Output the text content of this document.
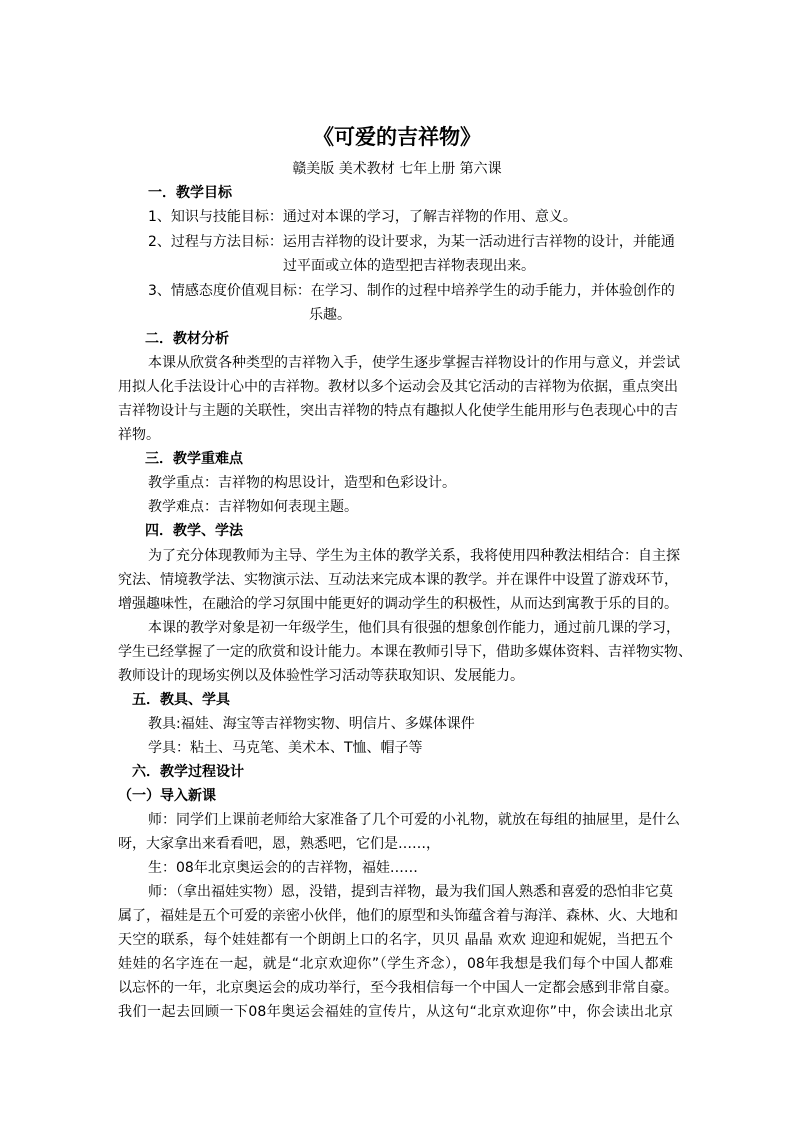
《可爱的吉祥物》
赣美版 美术教材 七年上册 第六课
一．教学目标
1、知识与技能目标：通过对本课的学习，了解吉祥物的作用、意义。
2、过程与方法目标：运用吉祥物的设计要求，为某一活动进行吉祥物的设计，并能通
过平面或立体的造型把吉祥物表现出来。
3、情感态度价值观目标：在学习、制作的过程中培养学生的动手能力，并体验创作的
乐趣。
二．教材分析
本课从欣赏各种类型的吉祥物入手，使学生逐步掌握吉祥物设计的作用与意义，并尝试
用拟人化手法设计心中的吉祥物。教材以多个运动会及其它活动的吉祥物为依据，重点突出
吉祥物设计与主题的关联性，突出吉祥物的特点有趣拟人化使学生能用形与色表现心中的吉
祥物。
三．教学重难点
教学重点：吉祥物的构思设计，造型和色彩设计。
教学难点：吉祥物如何表现主题。
四．教学、学法
为了充分体现教师为主导、学生为主体的教学关系，我将使用四种教法相结合：自主探
究法、情境教学法、实物演示法、互动法来完成本课的教学。并在课件中设置了游戏环节，
增强趣味性，在融洽的学习氛围中能更好的调动学生的积极性，从而达到寓教于乐的目的。
本课的教学对象是初一年级学生，他们具有很强的想象创作能力，通过前几课的学习，
学生已经掌握了一定的欣赏和设计能力。本课在教师引导下，借助多媒体资料、吉祥物实物、
教师设计的现场实例以及体验性学习活动等获取知识、发展能力。
五．教具、学具
教具:福娃、海宝等吉祥物实物、明信片、多媒体课件
学具：粘土、马克笔、美术本、T恤、帽子等
六．教学过程设计
（一）导入新课
师：同学们上课前老师给大家准备了几个可爱的小礼物，就放在每组的抽屉里，是什么
呀，大家拿出来看看吧，恩，熟悉吧，它们是……，
生：08年北京奥运会的的吉祥物，福娃……
师：（拿出福娃实物）恩，没错，提到吉祥物，最为我们国人熟悉和喜爱的恐怕非它莫
属了，福娃是五个可爱的亲密小伙伴，他们的原型和头饰蕴含着与海洋、森林、火、大地和
天空的联系，每个娃娃都有一个朗朗上口的名字，贝贝 晶晶 欢欢 迎迎和妮妮，当把五个
娃娃的名字连在一起，就是“北京欢迎你”（学生齐念），08年我想是我们每个中国人都难
以忘怀的一年，北京奥运会的成功举行，至今我相信每一个中国人一定都会感到非常自豪。
我们一起去回顾一下08年奥运会福娃的宣传片，从这句“北京欢迎你”中，你会读出北京
